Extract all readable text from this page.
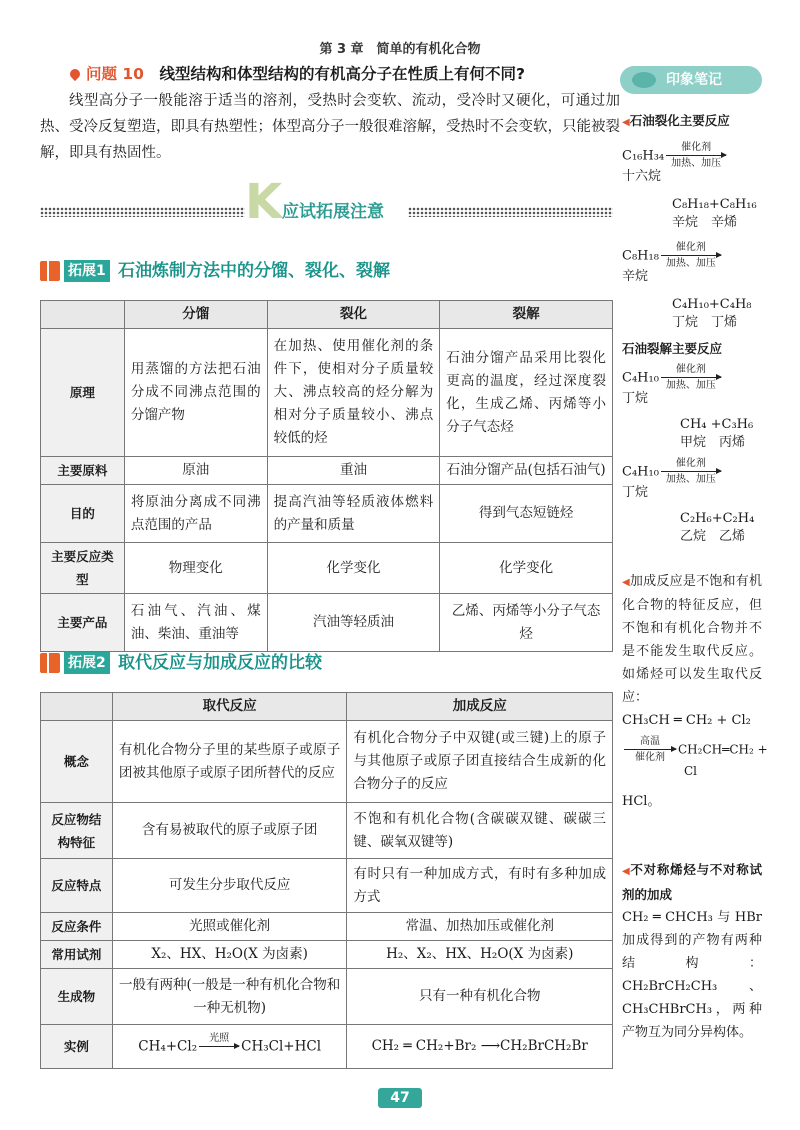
第 3 章　简单的有机化合物
问题 10　 线型结构和体型结构的有机高分子在性质上有何不同?
线型高分子一般能溶于适当的溶剂，受热时会变软、流动，受冷时又硬化，可通过加热、受冷反复塑造，即具有热塑性；体型高分子一般很难溶解，受热时不会变软，只能被裂解，即具有热固性。
K 应试拓展注意
拓展1 石油炼制方法中的分馏、裂化、裂解
	分馏	裂化	裂解
原理	用蒸馏的方法把石油分成不同沸点范围的分馏产物	在加热、使用催化剂的条件下，使相对分子质量较大、沸点较高的烃分解为相对分子质量较小、沸点较低的烃	石油分馏产品采用比裂化更高的温度，经过深度裂化，生成乙烯、丙烯等小分子气态烃
主要原料	原油	重油	石油分馏产品(包括石油气)
目的	将原油分离成不同沸点范围的产品	提高汽油等轻质液体燃料的产量和质量	得到气态短链烃
主要反应类型	物理变化	化学变化	化学变化
主要产品	石油气、汽油、煤油、柴油、重油等	汽油等轻质油	乙烯、丙烯等小分子气态烃
拓展2 取代反应与加成反应的比较
	取代反应	加成反应
概念	有机化合物分子里的某些原子或原子团被其他原子或原子团所替代的反应	有机化合物分子中双键(或三键)上的原子与其他原子或原子团直接结合生成新的化合物分子的反应
反应物结构特征	含有易被取代的原子或原子团	不饱和有机化合物(含碳碳双键、碳碳三键、碳氧双键等)
反应特点	可发生分步取代反应	有时只有一种加成方式，有时有多种加成方式
反应条件	光照或催化剂	常温、加热加压或催化剂
常用试剂	X₂、HX、H₂O(X 为卤素)	H₂、X₂、HX、H₂O(X 为卤素)
生成物	一般有两种(一般是一种有机化合物和一种无机物)	只有一种有机化合物
实例	CH₄+Cl₂ 光照 CH₃Cl+HCl	CH₂ ═ CH₂+Br₂ ⟶CH₂BrCH₂Br
印象笔记
◀石油裂化主要反应
C₁₆H₃₄
催化剂
加热、加压
十六烷
C₈H₁₈+C₈H₁₆
辛烷　辛烯
C₈H₁₈
催化剂
加热、加压
辛烷
C₄H₁₀+C₄H₈
丁烷　丁烯
石油裂解主要反应
C₄H₁₀
催化剂
加热、加压
丁烷
CH₄ +C₃H₆
甲烷　丙烯
C₄H₁₀
催化剂
加热、加压
丁烷
C₂H₆+C₂H₄
乙烷　乙烯
◀加成反应是不饱和有机化合物的特征反应，但不饱和有机化合物并不是不能发生取代反应。如烯烃可以发生取代反应：
CH₃CH ═ CH₂ + Cl₂
高温
催化剂
CH₂CH═CH₂ +
Cl
HCl。
◀不对称烯烃与不对称试剂的加成
CH₂ ═ CHCH₃ 与 HBr 加成得到的产物有两种结构：CH₂BrCH₂CH₃、CH₃CHBrCH₃，两种产物互为同分异构体。
47
